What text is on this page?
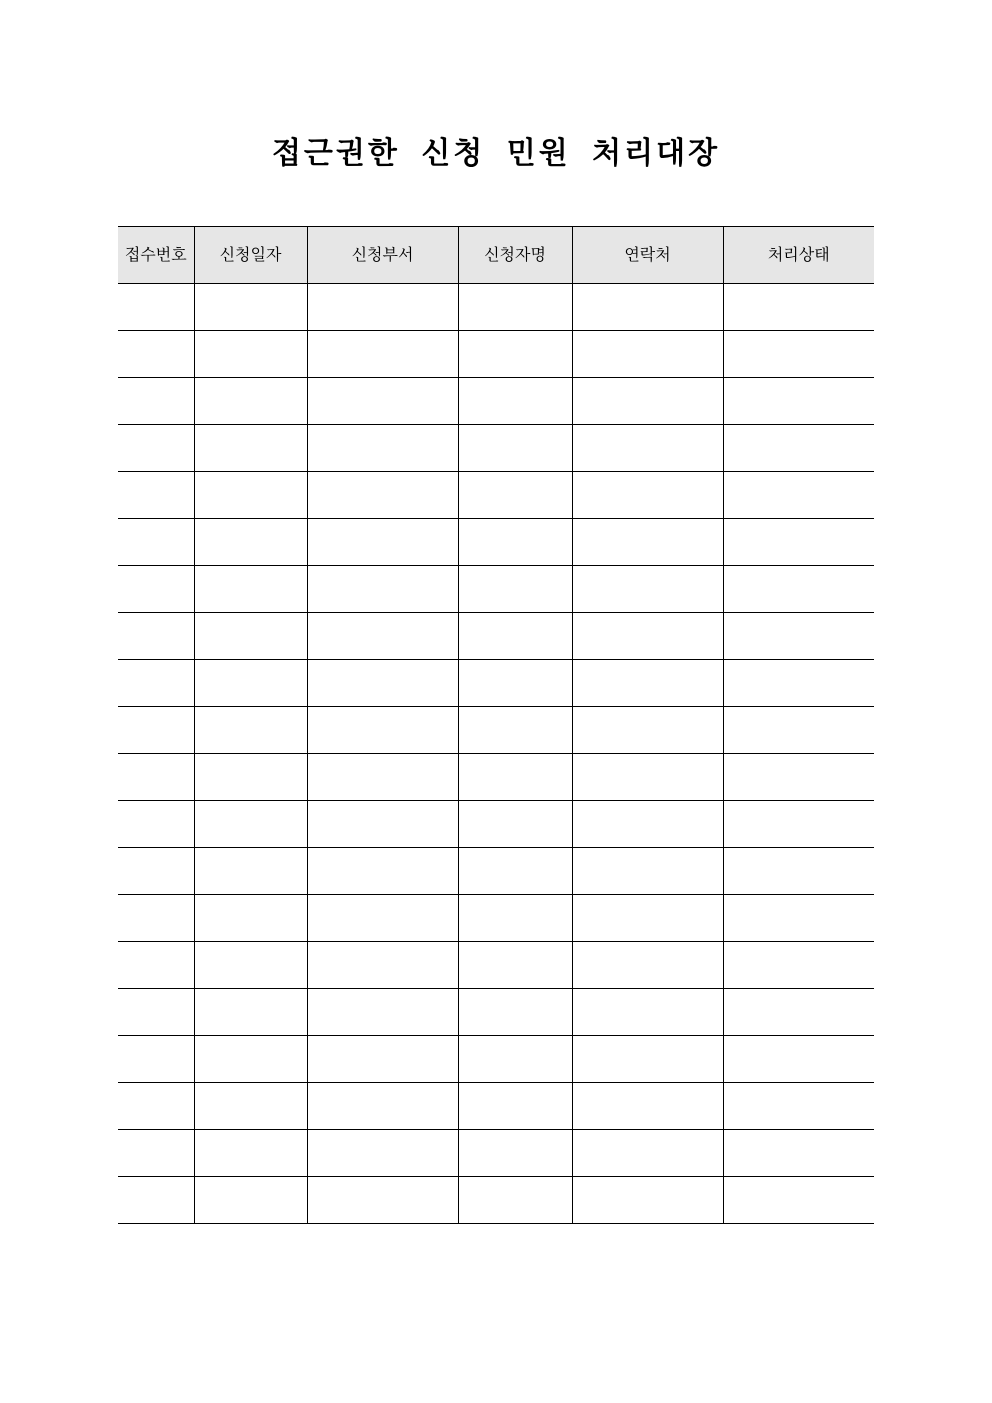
접근권한 신청 민원 처리대장
접수번호	신청일자	신청부서	신청자명	연락처	처리상태
